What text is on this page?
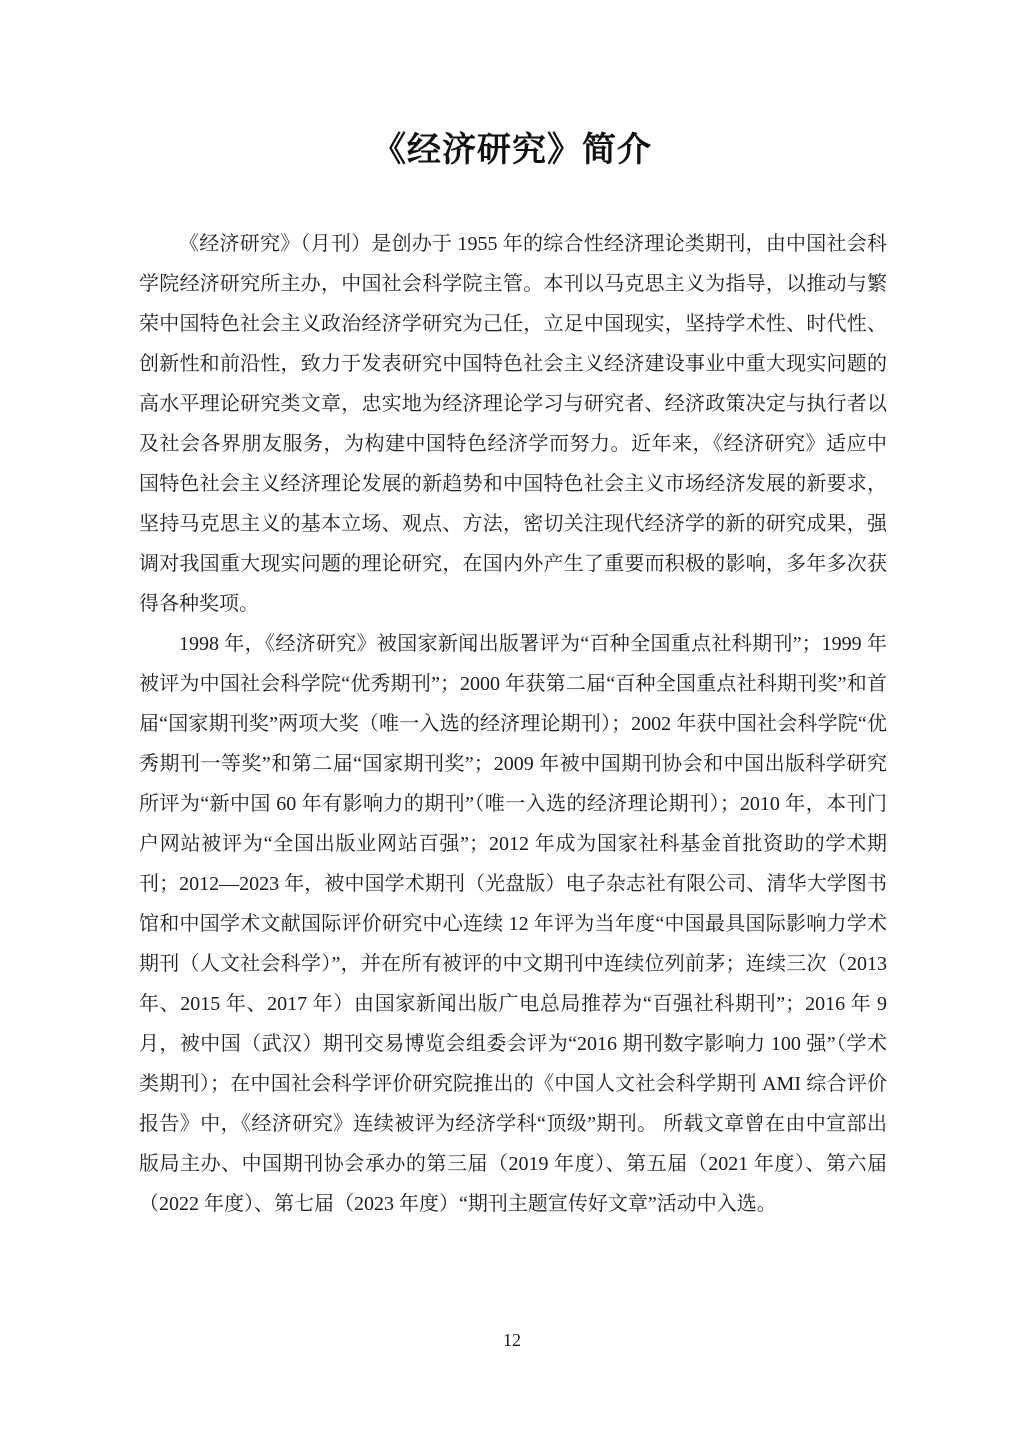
《经济研究》简介

《经济研究》（月刊）是创办于 1955 年的综合性经济理论类期刊，由中国社会科学院经济研究所主办，中国社会科学院主管。本刊以马克思主义为指导，以推动与繁荣中国特色社会主义政治经济学研究为己任，立足中国现实，坚持学术性、时代性、创新性和前沿性，致力于发表研究中国特色社会主义经济建设事业中重大现实问题的高水平理论研究类文章，忠实地为经济理论学习与研究者、经济政策决定与执行者以及社会各界朋友服务，为构建中国特色经济学而努力。近年来，《经济研究》适应中国特色社会主义经济理论发展的新趋势和中国特色社会主义市场经济发展的新要求，坚持马克思主义的基本立场、观点、方法，密切关注现代经济学的新的研究成果，强调对我国重大现实问题的理论研究，在国内外产生了重要而积极的影响，多年多次获得各种奖项。

1998 年，《经济研究》被国家新闻出版署评为“百种全国重点社科期刊”；1999 年被评为中国社会科学院“优秀期刊”；2000 年获第二届“百种全国重点社科期刊奖”和首届“国家期刊奖”两项大奖（唯一入选的经济理论期刊）；2002 年获中国社会科学院“优秀期刊一等奖”和第二届“国家期刊奖”；2009 年被中国期刊协会和中国出版科学研究所评为“新中国 60 年有影响力的期刊”（唯一入选的经济理论期刊）；2010 年，本刊门户网站被评为“全国出版业网站百强”；2012 年成为国家社科基金首批资助的学术期刊；2012—2023 年，被中国学术期刊（光盘版）电子杂志社有限公司、清华大学图书馆和中国学术文献国际评价研究中心连续 12 年评为当年度“中国最具国际影响力学术期刊（人文社会科学）”，并在所有被评的中文期刊中连续位列前茅；连续三次（2013 年、2015 年、2017 年）由国家新闻出版广电总局推荐为“百强社科期刊”；2016 年 9 月，被中国（武汉）期刊交易博览会组委会评为“2016 期刊数字影响力 100 强”（学术类期刊）；在中国社会科学评价研究院推出的《中国人文社会科学期刊 AMI 综合评价报告》中，《经济研究》连续被评为经济学科“顶级”期刊。 所载文章曾在由中宣部出版局主办、中国期刊协会承办的第三届（2019 年度）、第五届（2021 年度）、第六届（2022 年度）、第七届（2023 年度）“期刊主题宣传好文章”活动中入选。

12
